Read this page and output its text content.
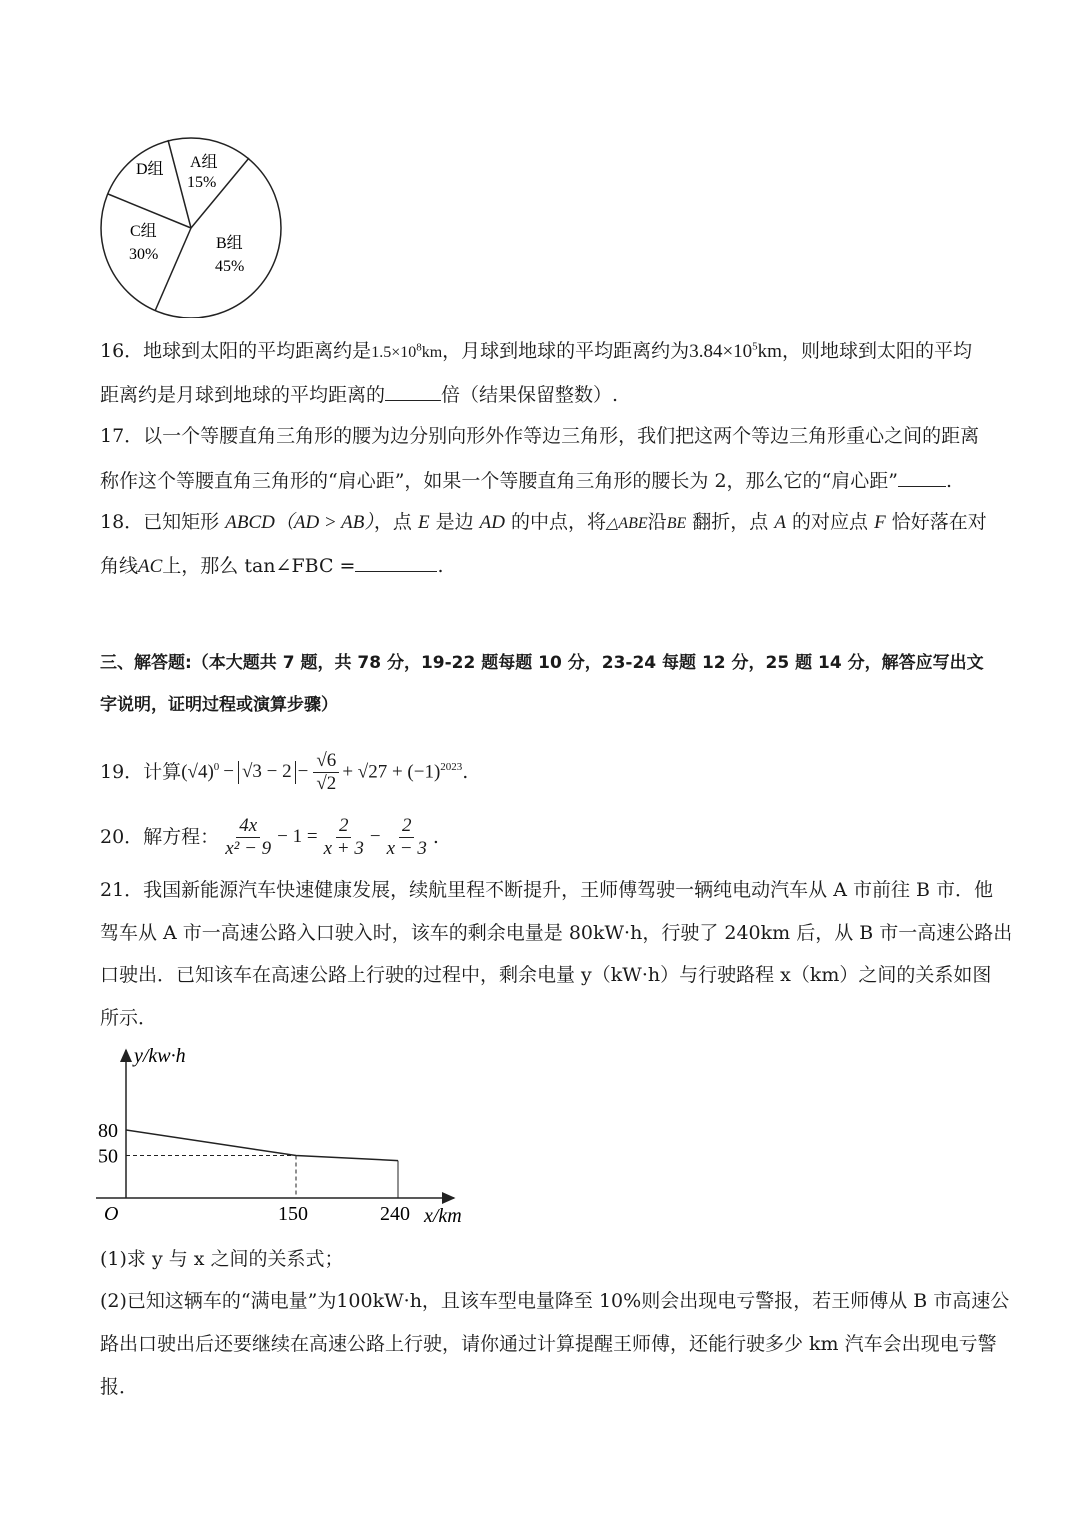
D组 A组
15%
C组
30%
B组
45%
16．地球到太阳的平均距离约是$1.5\times 10^8km$，月球到地球的平均距离约为$3.84\times 10^5km$，则地球到太阳的平均
距离约是月球到地球的平均距离的	倍（结果保留整数）.
17．以一个等腰直角三角形的腰为边分别向形外作等边三角形，我们把这两个等边三角形重心之间的距离
称作这个等腰直角三角形的“肩心距”，如果一个等腰直角三角形的腰长为 2，那么它的“肩心距”	.
18．已知矩形 ABCD（AD > AB），点 E 是边 AD 的中点，将△ABE沿BE 翻折，点 A 的对应点 F 恰好落在对
角线AC上，那么 tan∠FBC =	.
三、解答题:（本大题共 7 题，共 78 分，19-22 题每题 10 分，23-24 每题 12 分，25 题 14 分，解答应写出文
字说明，证明过程或演算步骤）
19．计算 $(√4)^0 - √3 - 2 - \frac{√6}{√2} + √27 + (-1)^{2023}$ .
20．解方程： $\frac{4x}{\text{x² − 9}} - 1 = \frac{2}{x + 3} - \frac{2}{x - 3}$ .
21．我国新能源汽车快速健康发展，续航里程不断提升，王师傅驾驶一辆纯电动汽车从 A 市前往 B 市．他
驾车从 A 市一高速公路入口驶入时，该车的剩余电量是 80kW·h，行驶了 240km 后，从 B 市一高速公路出
口驶出．已知该车在高速公路上行驶的过程中，剩余电量 y（kW·h）与行驶路程 x（km）之间的关系如图
所示．
y/kw·h
x/km
O
80
50
150	240
(1)求 y 与 x 之间的关系式；
(2)已知这辆车的“满电量”为100kW·h，且该车型电量降至 10%则会出现电亏警报，若王师傅从 B 市高速公
路出口驶出后还要继续在高速公路上行驶，请你通过计算提醒王师傅，还能行驶多少 km 汽车会出现电亏警
报．
